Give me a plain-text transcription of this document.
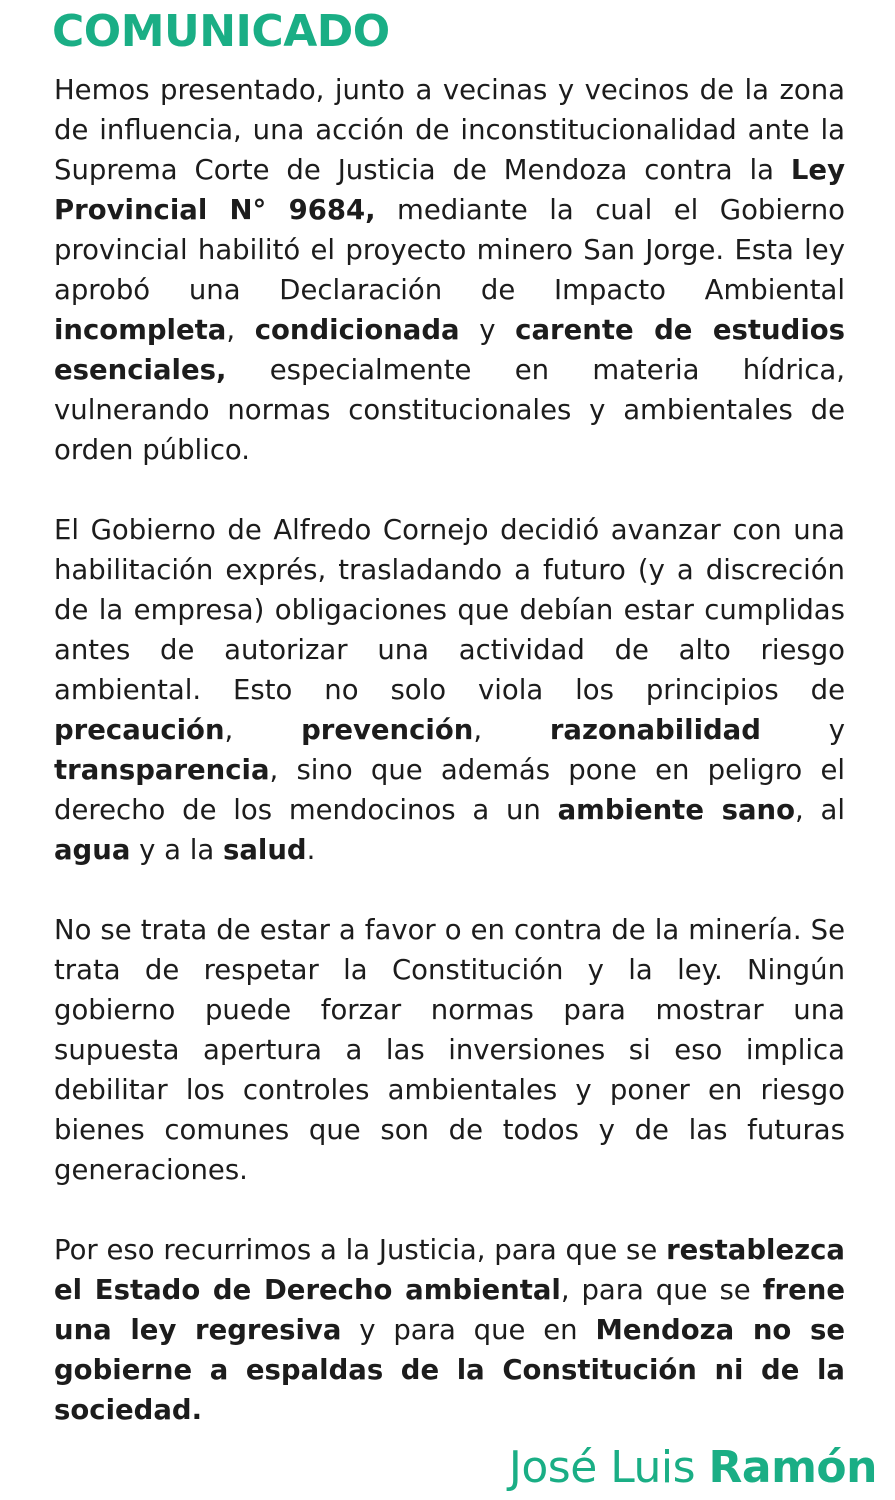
COMUNICADO

Hemos presentado, junto a vecinas y vecinos de la zona de influencia, una acción de inconstitucionalidad ante la Suprema Corte de Justicia de Mendoza contra la Ley Provincial N° 9684, mediante la cual el Gobierno provincial habilitó el proyecto minero San Jorge. Esta ley aprobó una Declaración de Impacto Ambiental incompleta, condicionada y carente de estudios esenciales, especialmente en materia hídrica, vulnerando normas constitucionales y ambientales de orden público.

El Gobierno de Alfredo Cornejo decidió avanzar con una habilitación exprés, trasladando a futuro (y a discreción de la empresa) obligaciones que debían estar cumplidas antes de autorizar una actividad de alto riesgo ambiental. Esto no solo viola los principios de precaución, prevención, razonabilidad y transparencia, sino que además pone en peligro el derecho de los mendocinos a un ambiente sano, al agua y a la salud.

No se trata de estar a favor o en contra de la minería. Se trata de respetar la Constitución y la ley. Ningún gobierno puede forzar normas para mostrar una supuesta apertura a las inversiones si eso implica debilitar los controles ambientales y poner en riesgo bienes comunes que son de todos y de las futuras generaciones.

Por eso recurrimos a la Justicia, para que se restablezca el Estado de Derecho ambiental, para que se frene una ley regresiva y para que en Mendoza no se gobierne a espaldas de la Constitución ni de la sociedad.

José Luis Ramón
